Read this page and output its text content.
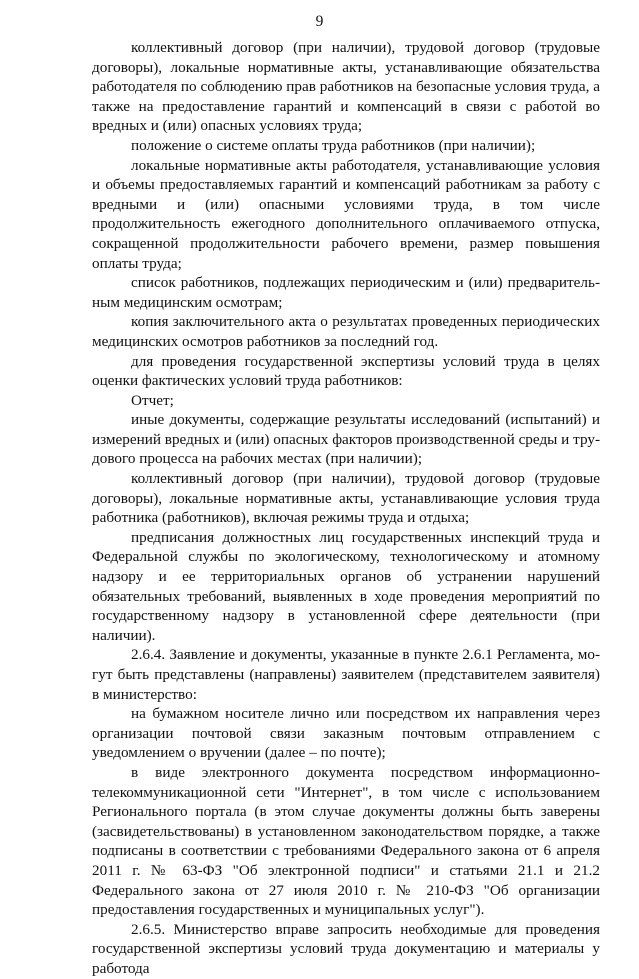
9

коллективный договор (при наличии), трудовой договор (трудовые договоры), локальные нормативные акты, устанавливающие обязательства работодателя по соблюдению прав работников на безопасные условия труда, а также на предоставление гарантий и компенсаций в связи с работой во вредных и (или) опасных условиях труда;

положение о системе оплаты труда работников (при наличии);

локальные нормативные акты работодателя, устанавливающие условия и объемы предоставляемых гарантий и компенсаций работникам за работу с вредными и (или) опасными условиями труда, в том числе продолжительность ежегодного дополнительного оплачиваемого отпуска, сокращенной продолжительности рабочего времени, размер повышения оплаты труда;

список работников, подлежащих периодическим и (или) предварительным медицинским осмотрам;

копия заключительного акта о результатах проведенных периодических медицинских осмотров работников за последний год.

для проведения государственной экспертизы условий труда в целях оценки фактических условий труда работников:

Отчет;

иные документы, содержащие результаты исследований (испытаний) и измерений вредных и (или) опасных факторов производственной среды и трудового процесса на рабочих местах (при наличии);

коллективный договор (при наличии), трудовой договор (трудовые договоры), локальные нормативные акты, устанавливающие условия труда работника (работников), включая режимы труда и отдыха;

предписания должностных лиц государственных инспекций труда и Федеральной службы по экологическому, технологическому и атомному надзору и ее территориальных органов об устранении нарушений обязательных требований, выявленных в ходе проведения мероприятий по государственному надзору в установленной сфере деятельности (при наличии).

2.6.4. Заявление и документы, указанные в пункте 2.6.1 Регламента, могут быть представлены (направлены) заявителем (представителем заявителя) в министерство:

на бумажном носителе лично или посредством их направления через организации почтовой связи заказным почтовым отправлением с уведомлением о вручении (далее – по почте);

в виде электронного документа посредством информационно-телекоммуникационной сети "Интернет", в том числе с использованием Регионального портала (в этом случае документы должны быть заверены (засвидетельствованы) в установленном законодательством порядке, а также подписаны в соответствии с требованиями Федерального закона от 6 апреля 2011 г. № 63-ФЗ "Об электронной подписи" и статьями 21.1 и 21.2 Федерального закона от 27 июля 2010 г. № 210-ФЗ "Об организации предоставления государственных и муниципальных услуг").

2.6.5. Министерство вправе запросить необходимые для проведения государственной экспертизы условий труда документацию и материалы у работода
